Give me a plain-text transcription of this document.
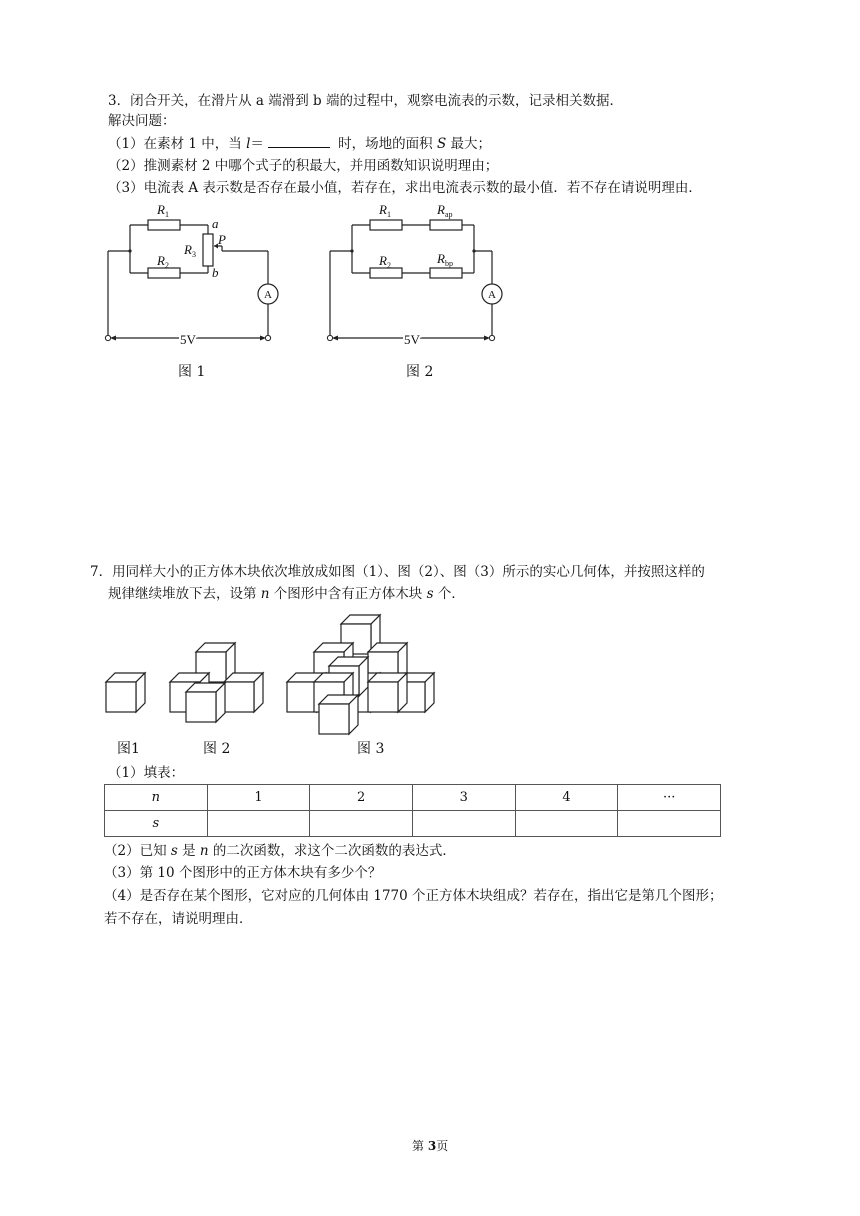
3．闭合开关，在滑片从 a 端滑到 b 端的过程中，观察电流表的示数，记录相关数据．
解决问题：
（1）在素材 1 中，当 l＝	时，场地的面积 S 最大；
（2）推测素材 2 中哪个式子的积最大，并用函数知识说明理由；
（3）电流表 A 表示数是否存在最小值，若存在，求出电流表示数的最小值．若不存在请说明理由．
$R_1$
$R_2$
$R_3$
a
b
P
A
5V
图 1
$R_1$	$R_{ap}$
$R_2$	$R_{bp}$
A
5V
图 2
7．用同样大小的正方体木块依次堆放成如图（1）、图（2）、图（3）所示的实心几何体，并按照这样的
规律继续堆放下去，设第 n 个图形中含有正方体木块 s 个．
图1	图 2	图 3
（1）填表：
n	1	2	3	4	···
s					
（2）已知 s 是 n 的二次函数，求这个二次函数的表达式．
（3）第 10 个图形中的正方体木块有多少个？
（4）是否存在某个图形，它对应的几何体由 1770 个正方体木块组成？若存在，指出它是第几个图形；
若不存在，请说明理由．
第 3页
